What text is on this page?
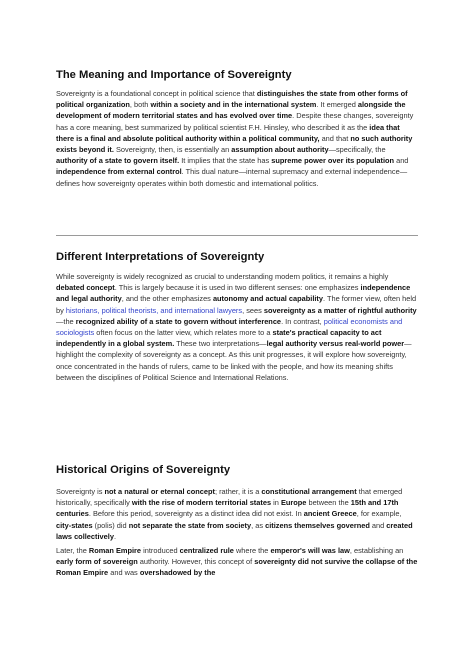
The Meaning and Importance of Sovereignty

Sovereignty is a foundational concept in political science that distinguishes the state from other forms of political organization, both within a society and in the international system. It emerged alongside the development of modern territorial states and has evolved over time. Despite these changes, sovereignty has a core meaning, best summarized by political scientist F.H. Hinsley, who described it as the idea that there is a final and absolute political authority within a political community, and that no such authority exists beyond it. Sovereignty, then, is essentially an assumption about authority—specifically, the authority of a state to govern itself. It implies that the state has supreme power over its population and independence from external control. This dual nature—internal supremacy and external independence—defines how sovereignty operates within both domestic and international politics.

Different Interpretations of Sovereignty

While sovereignty is widely recognized as crucial to understanding modern politics, it remains a highly debated concept. This is largely because it is used in two different senses: one emphasizes independence and legal authority, and the other emphasizes autonomy and actual capability. The former view, often held by historians, political theorists, and international lawyers, sees sovereignty as a matter of rightful authority—the recognized ability of a state to govern without interference. In contrast, political economists and sociologists often focus on the latter view, which relates more to a state's practical capacity to act independently in a global system. These two interpretations—legal authority versus real-world power—highlight the complexity of sovereignty as a concept. As this unit progresses, it will explore how sovereignty, once concentrated in the hands of rulers, came to be linked with the people, and how its meaning shifts between the disciplines of Political Science and International Relations.

Historical Origins of Sovereignty

Sovereignty is not a natural or eternal concept; rather, it is a constitutional arrangement that emerged historically, specifically with the rise of modern territorial states in Europe between the 15th and 17th centuries. Before this period, sovereignty as a distinct idea did not exist. In ancient Greece, for example, city-states (polis) did not separate the state from society, as citizens themselves governed and created laws collectively.

Later, the Roman Empire introduced centralized rule where the emperor's will was law, establishing an early form of sovereign authority. However, this concept of sovereignty did not survive the collapse of the Roman Empire and was overshadowed by the
